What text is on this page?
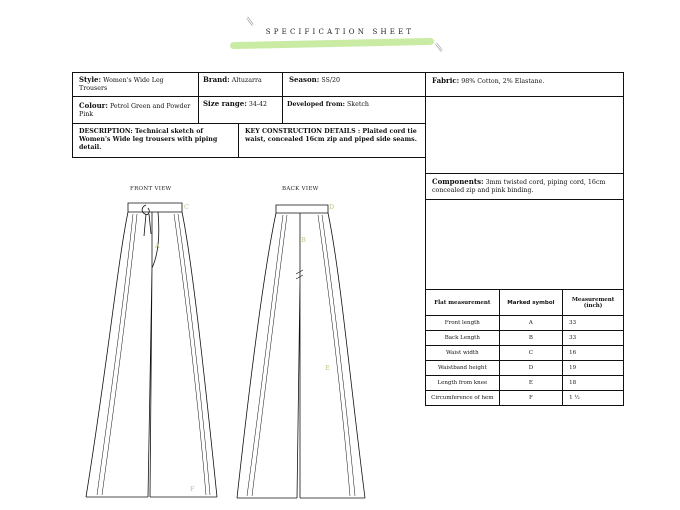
SPECIFICATION SHEET
⫽
⫽
Style: Women's Wide Leg Trousers
Brand: Altuzarra	Season: SS/20
Colour: Petrol Green and Powder Pink
Size range: 34-42	Developed from: Sketch
DESCRIPTION: Technical sketch of Women's Wide leg trousers with piping detail.
KEY CONSTRUCTION DETAILS : Plaited cord tie waist, concealed 16cm zip and piped side seams.
Fabric: 98% Cotton, 2% Elastane.
Components: 3mm twisted cord, piping cord, 16cm concealed zip and pink binding.
Flat measurement	Marked symbol	Measurement (inch)
Front length	A	33
Back Length	B	33
Waist width	C	16
Waistband height	D	19
Length from knee	E	18
Circumference of hem	F	1 ½
FRONT VIEW	BACK VIEW
A
B
C	D
E
F
